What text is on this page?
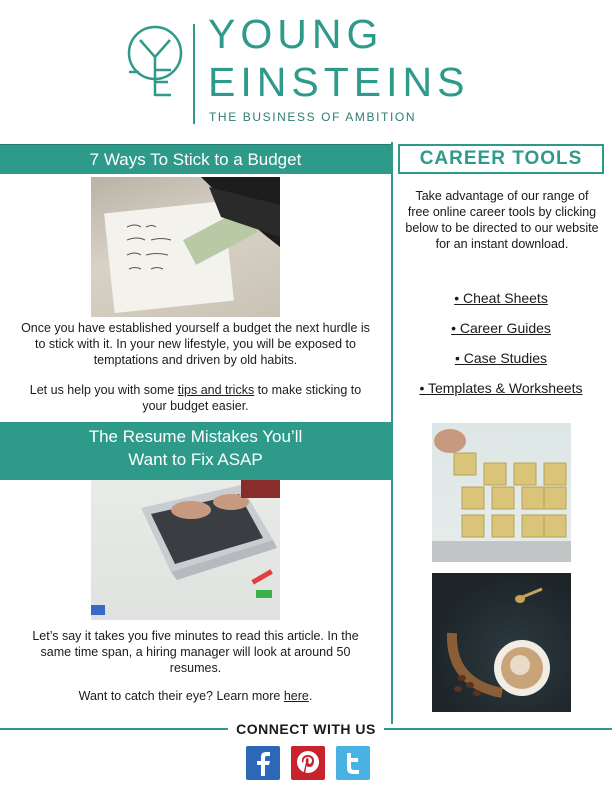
YOUNG
EINSTEINS
THE BUSINESS OF AMBITION
7 Ways To Stick to a Budget
Once you have established yourself a budget the next hurdle is to stick with it. In your new lifestyle, you will be exposed to temptations and driven by old habits.
Let us help you with some tips and tricks to make sticking to your budget easier.
The Resume Mistakes You’ll
Want to Fix ASAP
Let’s say it takes you five minutes to read this article. In the same time span, a hiring manager will look at around 50 resumes.
Want to catch their eye? Learn more here.
CAREER TOOLS
Take advantage of our range of free online career tools by clicking below to be directed to our website for an instant download.
• Cheat Sheets
• Career Guides
• Case Studies
• Templates & Worksheets
CONNECT WITH US
